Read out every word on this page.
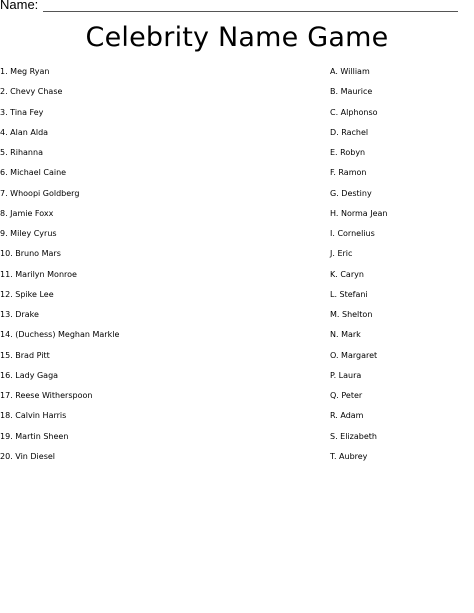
Name:
Celebrity Name Game
1. Meg Ryan
2. Chevy Chase
3. Tina Fey
4. Alan Alda
5. Rihanna
6. Michael Caine
7. Whoopi Goldberg
8. Jamie Foxx
9. Miley Cyrus
10. Bruno Mars
11. Marilyn Monroe
12. Spike Lee
13. Drake
14. (Duchess) Meghan Markle
15. Brad Pitt
16. Lady Gaga
17. Reese Witherspoon
18. Calvin Harris
19. Martin Sheen
20. Vin Diesel
A. William
B. Maurice
C. Alphonso
D. Rachel
E. Robyn
F. Ramon
G. Destiny
H. Norma Jean
I. Cornelius
J. Eric
K. Caryn
L. Stefani
M. Shelton
N. Mark
O. Margaret
P. Laura
Q. Peter
R. Adam
S. Elizabeth
T. Aubrey
